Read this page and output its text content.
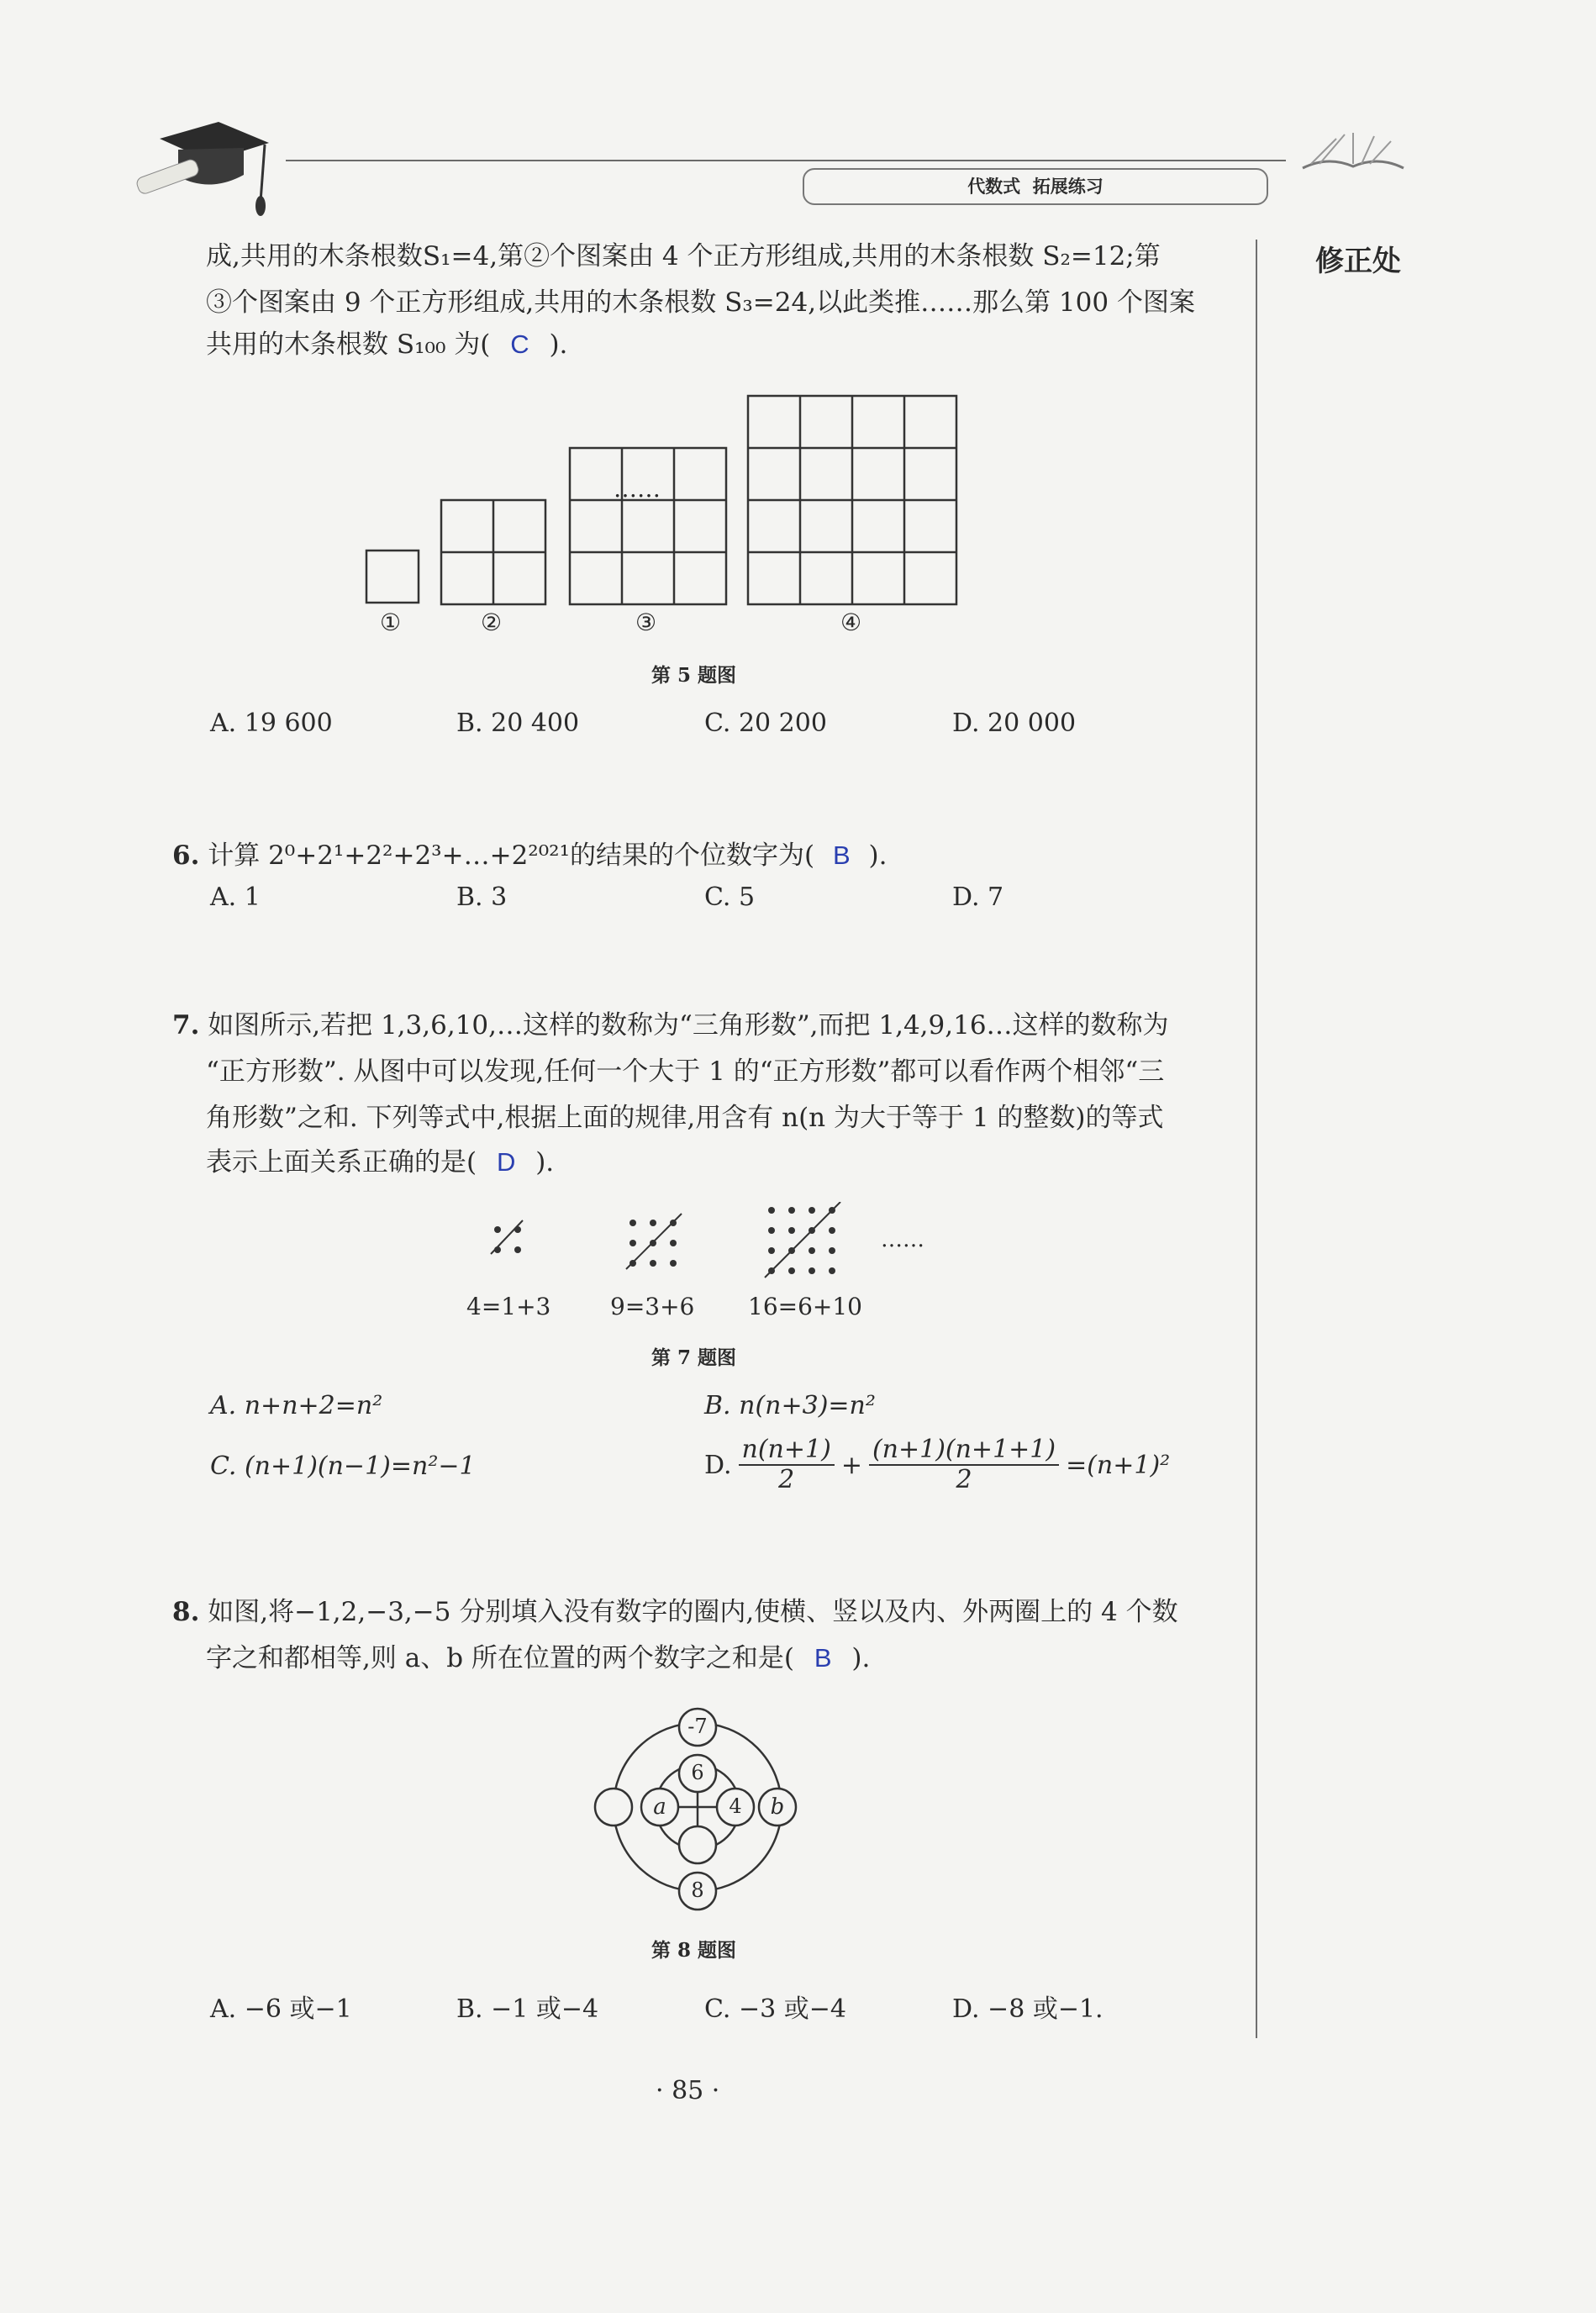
代数式  拓展练习
修正处
成,共用的木条根数S₁=4,第②个图案由 4 个正方形组成,共用的木条根数 S₂=12;第
③个图案由 9 个正方形组成,共用的木条根数 S₃=24,以此类推……那么第 100 个图案
共用的木条根数 S₁₀₀ 为( C ).
……
①	②	③	④
第 5 题图
A. 19 600	B. 20 400	C. 20 200	D. 20 000
6. 计算 2⁰+2¹+2²+2³+…+2²⁰²¹的结果的个位数字为( B ).
A. 1	B. 3	C. 5	D. 7
7. 如图所示,若把 1,3,6,10,…这样的数称为“三角形数”,而把 1,4,9,16…这样的数称为
“正方形数”. 从图中可以发现,任何一个大于 1 的“正方形数”都可以看作两个相邻“三
角形数”之和. 下列等式中,根据上面的规律,用含有 n(n 为大于等于 1 的整数)的等式
表示上面关系正确的是( D ).
……
4=1+3	9=3+6 16=6+10
第 7 题图
A. n+n+2=n²	B. n(n+3)=n²
C. (n+1)(n−1)=n²−1	D. $\frac{n(n+1)}{2} + \frac{(n+1)(n+1+1)}{2} =(n+1)^2$
8. 如图,将−1,2,−3,−5 分别填入没有数字的圈内,使横、竖以及内、外两圈上的 4 个数
字之和都相等,则 a、b 所在位置的两个数字之和是( B ).
-7
6
a	4	b
8
第 8 题图
A. −6 或−1	B. −1 或−4	C. −3 或−4	D. −8 或−1.
· 85 ·
